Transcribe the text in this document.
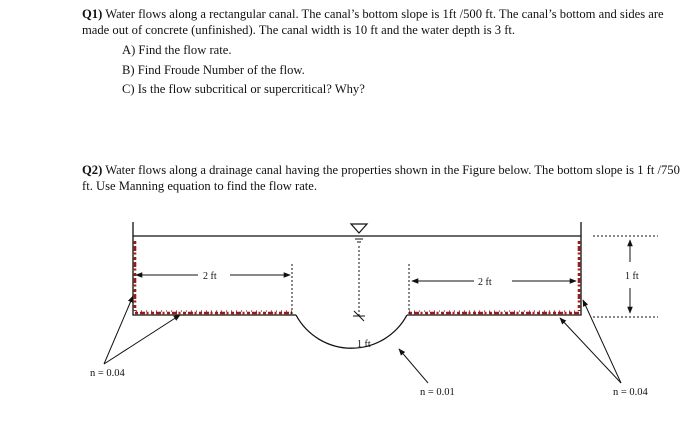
Q1) Water flows along a rectangular canal. The canal’s bottom slope is 1ft /500 ft. The canal’s bottom and sides are made out of concrete (unfinished). The canal width is 10 ft and the water depth is 3 ft.

A) Find the flow rate.
B) Find Froude Number of the flow.
C) Is the flow subcritical or supercritical? Why?

Q2) Water flows along a drainage canal having the properties shown in the Figure below. The bottom slope is 1 ft /750 ft. Use Manning equation to find the flow rate.

2 ft
2 ft
1 ft
1 ft
n = 0.04
n = 0.01	n = 0.04
